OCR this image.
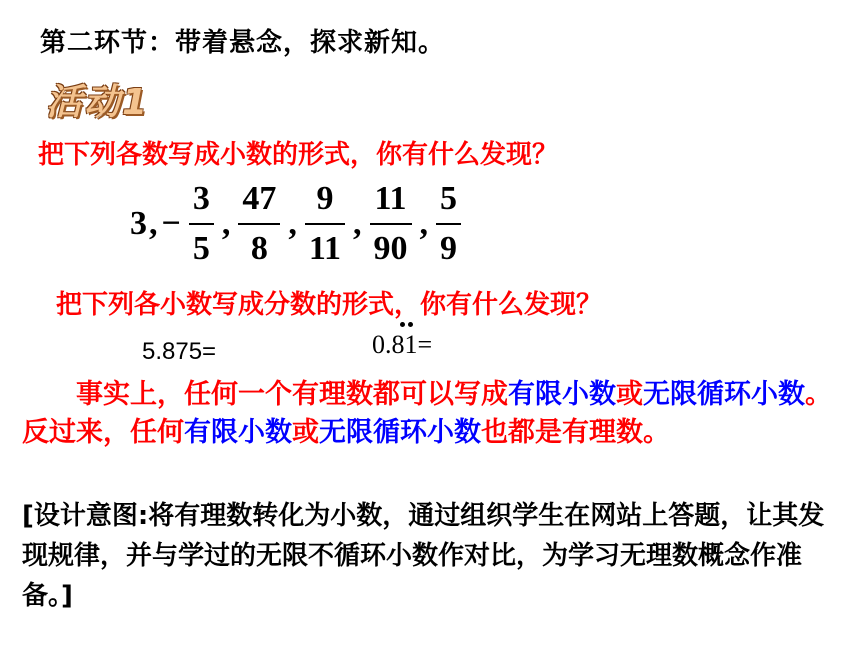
第二环节：带着悬念，探求新知。
活动1
把下列各数写成小数的形式，你有什么发现？
3 , − $\frac{3}{5}$ , $\frac{47}{8}$ , $\frac{9}{11}$ , $\frac{11}{90}$ , $\frac{5}{9}$
把下列各小数写成分数的形式，你有什么发现？
5.875=	0.81=
事实上，任何一个有理数都可以写成有限小数或无限循环小数。反过来，任何有限小数或无限循环小数也都是有理数。
[设计意图:将有理数转化为小数，通过组织学生在网站上答题，让其发现规律，并与学过的无限不循环小数作对比，为学习无理数概念作准备。]
